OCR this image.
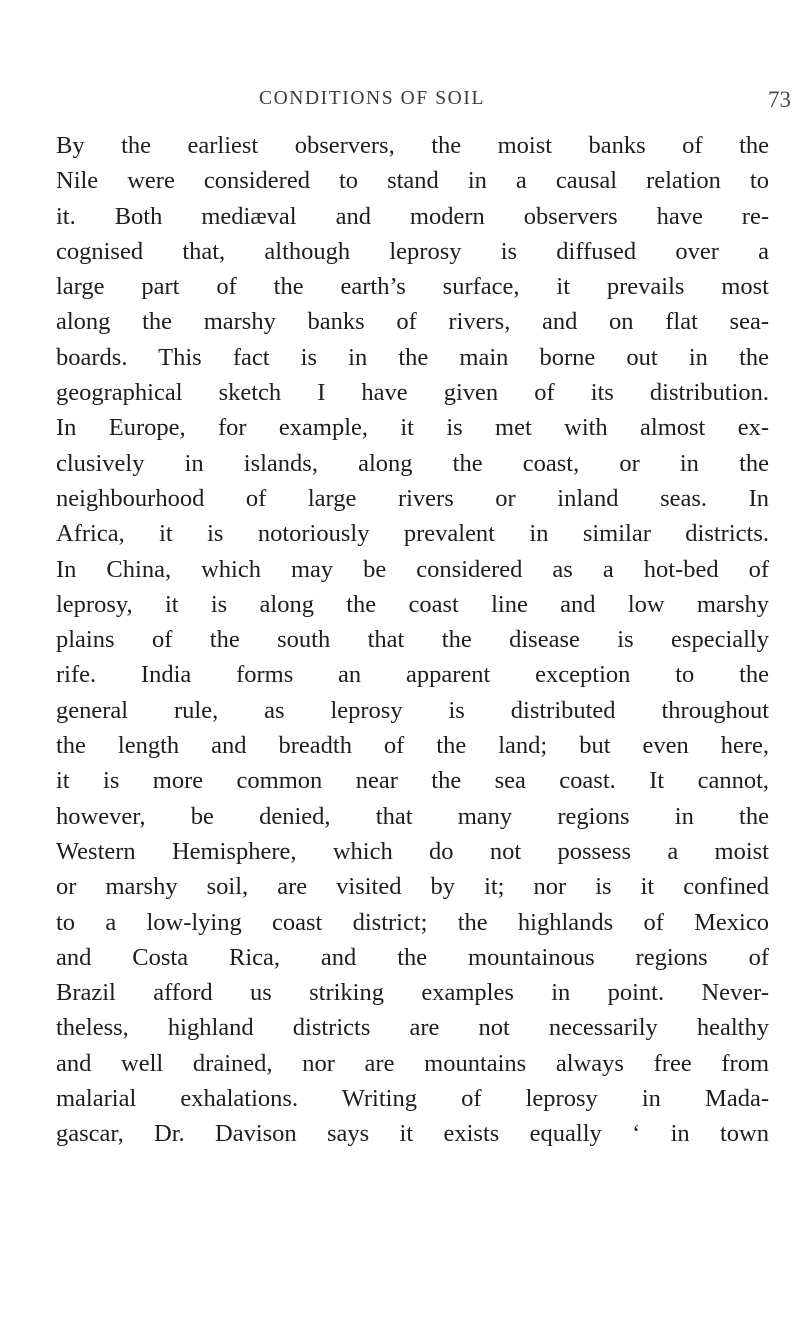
CONDITIONS OF SOIL	73
By the earliest observers, the moist banks of the
Nile were considered to stand in a causal relation to
it. Both mediæval and modern observers have re-
cognised that, although leprosy is diffused over a
large part of the earth’s surface, it prevails most
along the marshy banks of rivers, and on flat sea-
boards. This fact is in the main borne out in the
geographical sketch I have given of its distribution.
In Europe, for example, it is met with almost ex-
clusively in islands, along the coast, or in the
neighbourhood of large rivers or inland seas. In
Africa, it is notoriously prevalent in similar districts.
In China, which may be considered as a hot-bed of
leprosy, it is along the coast line and low marshy
plains of the south that the disease is especially
rife. India forms an apparent exception to the
general rule, as leprosy is distributed throughout
the length and breadth of the land; but even here,
it is more common near the sea coast. It cannot,
however, be denied, that many regions in the
Western Hemisphere, which do not possess a moist
or marshy soil, are visited by it; nor is it confined
to a low-lying coast district; the highlands of Mexico
and Costa Rica, and the mountainous regions of
Brazil afford us striking examples in point. Never-
theless, highland districts are not necessarily healthy
and well drained, nor are mountains always free from
malarial exhalations. Writing of leprosy in Mada-
gascar, Dr. Davison says it exists equally ‘ in town
